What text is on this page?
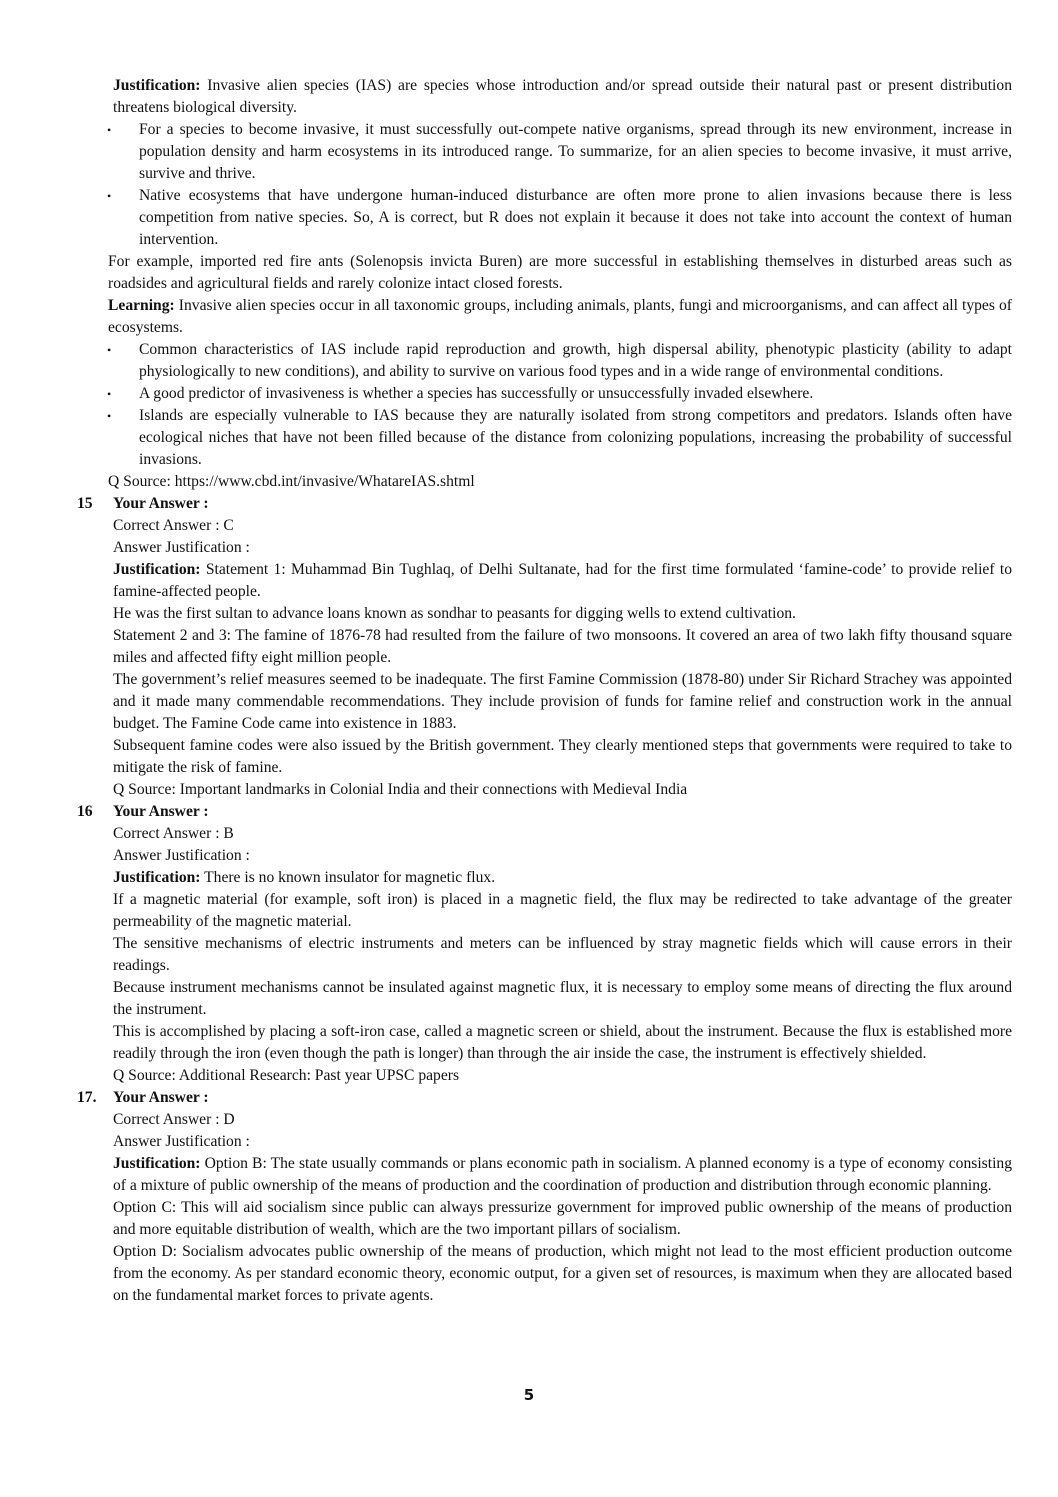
Justification: Invasive alien species (IAS) are species whose introduction and/or spread outside their natural past or present distribution threatens biological diversity.

• For a species to become invasive, it must successfully out-compete native organisms, spread through its new environment, increase in population density and harm ecosystems in its introduced range. To summarize, for an alien species to become invasive, it must arrive, survive and thrive.

• Native ecosystems that have undergone human-induced disturbance are often more prone to alien invasions because there is less competition from native species. So, A is correct, but R does not explain it because it does not take into account the context of human intervention.

For example, imported red fire ants (Solenopsis invicta Buren) are more successful in establishing themselves in disturbed areas such as roadsides and agricultural fields and rarely colonize intact closed forests.

Learning: Invasive alien species occur in all taxonomic groups, including animals, plants, fungi and microorganisms, and can affect all types of ecosystems.

• Common characteristics of IAS include rapid reproduction and growth, high dispersal ability, phenotypic plasticity (ability to adapt physiologically to new conditions), and ability to survive on various food types and in a wide range of environmental conditions.

• A good predictor of invasiveness is whether a species has successfully or unsuccessfully invaded elsewhere.

• Islands are especially vulnerable to IAS because they are naturally isolated from strong competitors and predators. Islands often have ecological niches that have not been filled because of the distance from colonizing populations, increasing the probability of successful invasions.

Q Source: https://www.cbd.int/invasive/WhatareIAS.shtml

15 Your Answer :

Correct Answer : C

Answer Justification :

Justification: Statement 1: Muhammad Bin Tughlaq, of Delhi Sultanate, had for the first time formulated ‘famine-code’ to provide relief to famine-affected people.

He was the first sultan to advance loans known as sondhar to peasants for digging wells to extend cultivation.

Statement 2 and 3: The famine of 1876-78 had resulted from the failure of two monsoons. It covered an area of two lakh fifty thousand square miles and affected fifty eight million people.

The government’s relief measures seemed to be inadequate. The first Famine Commission (1878-80) under Sir Richard Strachey was appointed and it made many commendable recommendations. They include provision of funds for famine relief and construction work in the annual budget. The Famine Code came into existence in 1883.

Subsequent famine codes were also issued by the British government. They clearly mentioned steps that governments were required to take to mitigate the risk of famine.

Q Source: Important landmarks in Colonial India and their connections with Medieval India

16 Your Answer :

Correct Answer : B

Answer Justification :

Justification: There is no known insulator for magnetic flux.

If a magnetic material (for example, soft iron) is placed in a magnetic field, the flux may be redirected to take advantage of the greater permeability of the magnetic material.

The sensitive mechanisms of electric instruments and meters can be influenced by stray magnetic fields which will cause errors in their readings.

Because instrument mechanisms cannot be insulated against magnetic flux, it is necessary to employ some means of directing the flux around the instrument.

This is accomplished by placing a soft-iron case, called a magnetic screen or shield, about the instrument. Because the flux is established more readily through the iron (even though the path is longer) than through the air inside the case, the instrument is effectively shielded.

Q Source: Additional Research: Past year UPSC papers

17. Your Answer :

Correct Answer : D

Answer Justification :

Justification: Option B: The state usually commands or plans economic path in socialism. A planned economy is a type of economy consisting of a mixture of public ownership of the means of production and the coordination of production and distribution through economic planning.

Option C: This will aid socialism since public can always pressurize government for improved public ownership of the means of production and more equitable distribution of wealth, which are the two important pillars of socialism.

Option D: Socialism advocates public ownership of the means of production, which might not lead to the most efficient production outcome from the economy. As per standard economic theory, economic output, for a given set of resources, is maximum when they are allocated based on the fundamental market forces to private agents.

5
